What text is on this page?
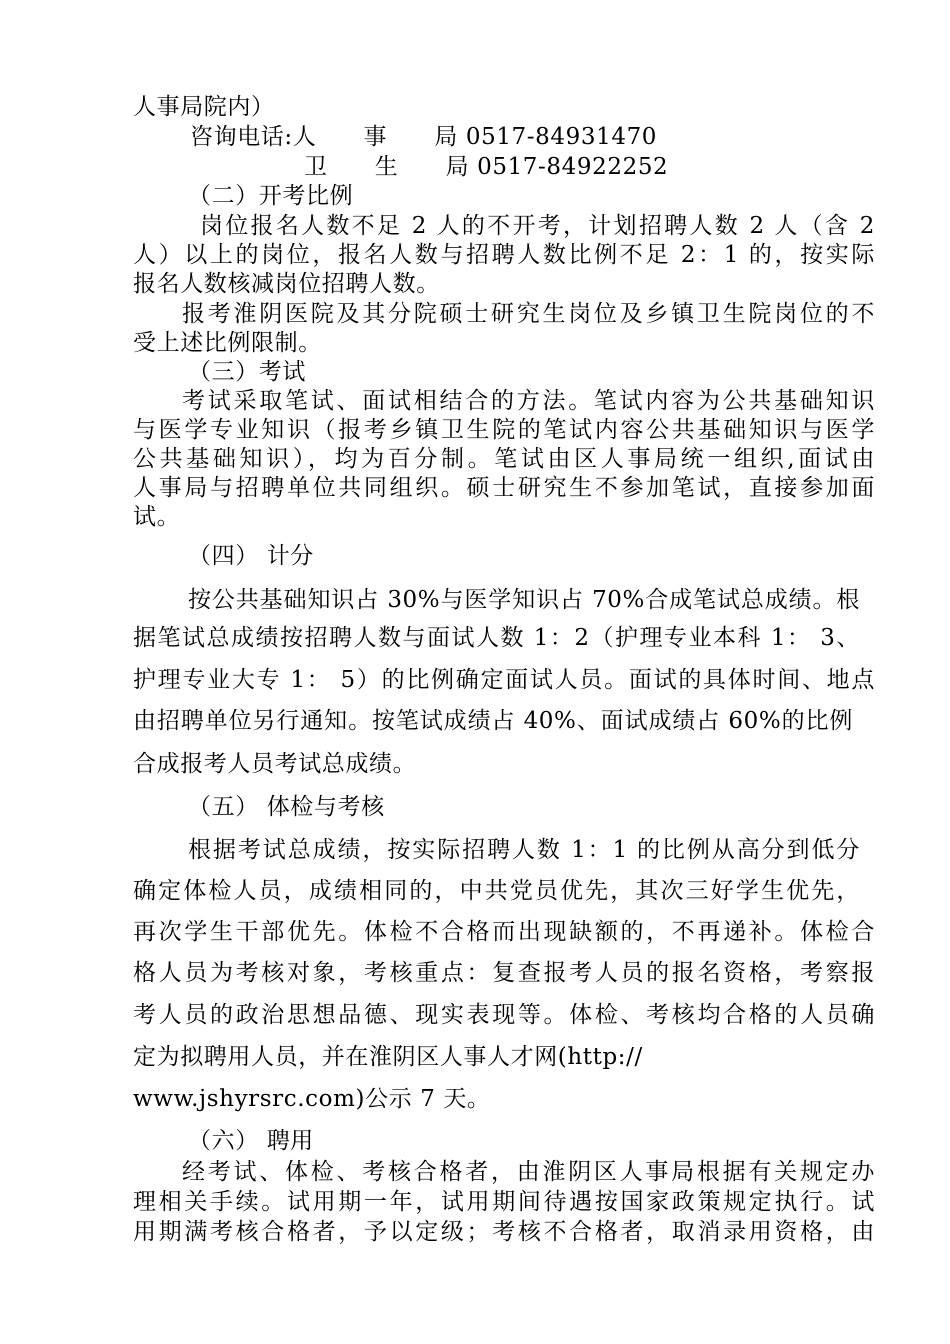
人事局院内）
咨询电话:人　　事　　局 0517-84931470
卫　　生　　局 0517-84922252
（二）开考比例
岗位报名人数不足 2 人的不开考，计划招聘人数 2 人（含 2
人）以上的岗位，报名人数与招聘人数比例不足 2：1 的，按实际
报名人数核减岗位招聘人数。
报考淮阴医院及其分院硕士研究生岗位及乡镇卫生院岗位的不
受上述比例限制。
（三）考试
考试采取笔试、面试相结合的方法。笔试内容为公共基础知识
与医学专业知识（报考乡镇卫生院的笔试内容公共基础知识与医学
公共基础知识），均为百分制。笔试由区人事局统一组织,面试由
人事局与招聘单位共同组织。硕士研究生不参加笔试，直接参加面
试。
（四） 计分
按公共基础知识占 30%与医学知识占 70%合成笔试总成绩。根
据笔试总成绩按招聘人数与面试人数 1：2（护理专业本科 1： 3、
护理专业大专 1： 5）的比例确定面试人员。面试的具体时间、地点
由招聘单位另行通知。按笔试成绩占 40%、面试成绩占 60%的比例
合成报考人员考试总成绩。
（五） 体检与考核
根据考试总成绩，按实际招聘人数 1：1 的比例从高分到低分
确定体检人员，成绩相同的，中共党员优先，其次三好学生优先，
再次学生干部优先。体检不合格而出现缺额的，不再递补。体检合
格人员为考核对象，考核重点：复查报考人员的报名资格，考察报
考人员的政治思想品德、现实表现等。体检、考核均合格的人员确
定为拟聘用人员，并在淮阴区人事人才网(http://
www.jshyrsrc.com)公示 7 天。
（六） 聘用
经考试、体检、考核合格者，由淮阴区人事局根据有关规定办
理相关手续。试用期一年，试用期间待遇按国家政策规定执行。试
用期满考核合格者，予以定级；考核不合格者，取消录用资格，由
